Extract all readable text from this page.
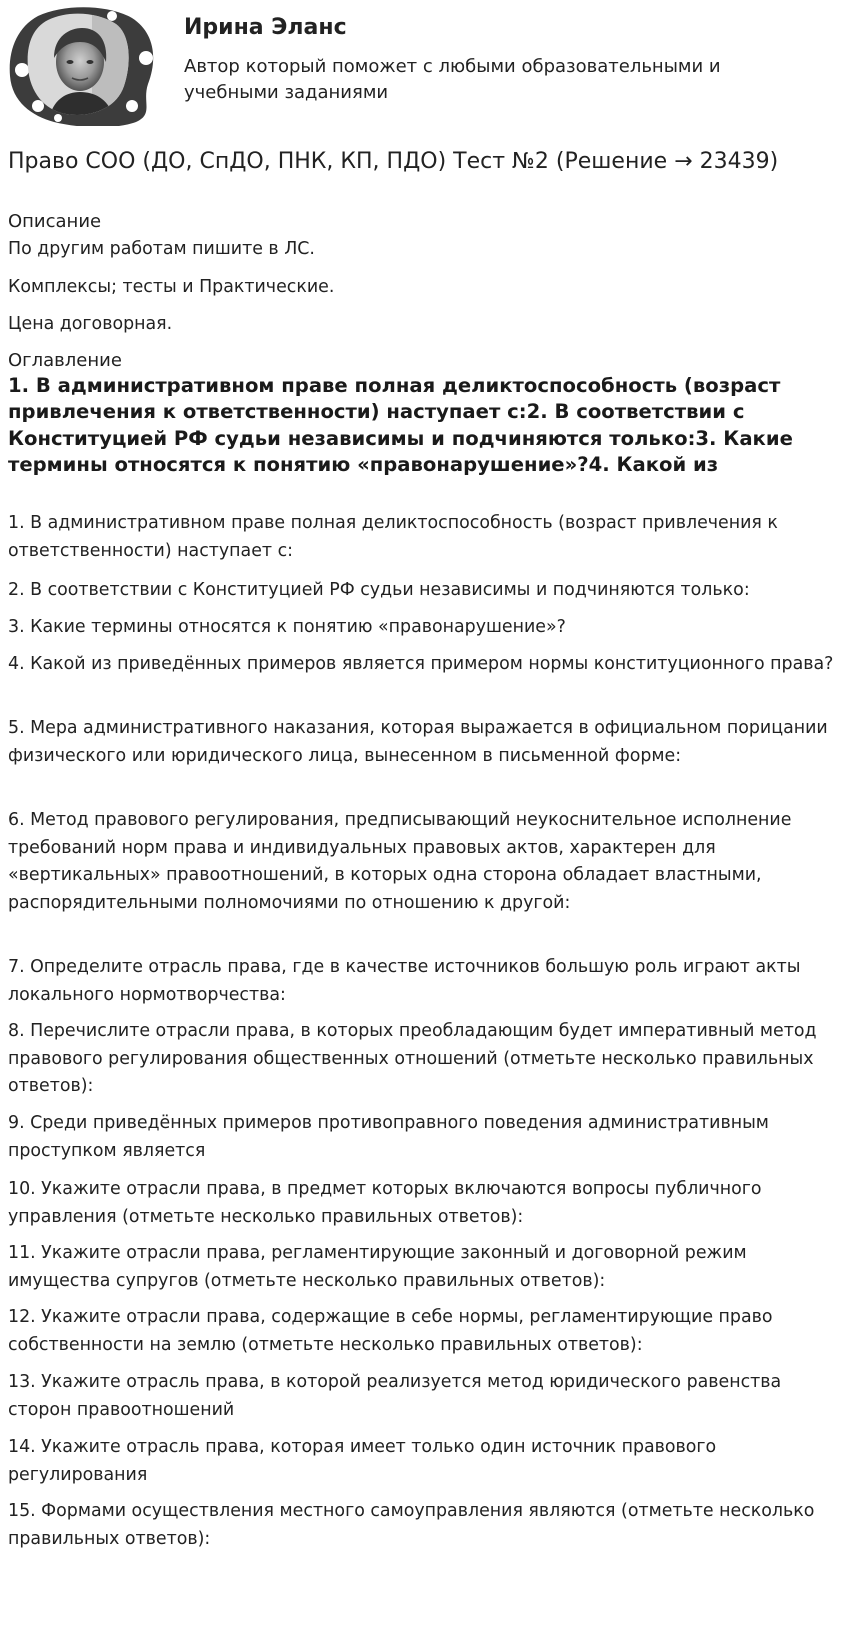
Ирина Эланс
Автор который поможет с любыми образовательными и учебными заданиями
Право СОО (ДО, СпДО, ПНК, КП, ПДО) Тест №2 (Решение → 23439)
Описание
По другим работам пишите в ЛС.
Комплексы; тесты и Практические.
Цена договорная.
Оглавление
1. В административном праве полная деликтоспособность (возраст привлечения к ответственности) наступает с:2. В соответствии с Конституцией РФ судьи независимы и подчиняются только:3. Какие термины относятся к понятию «правонарушение»?4. Какой из
1. В административном праве полная деликтоспособность (возраст привлечения к ответственности) наступает с:
2. В соответствии с Конституцией РФ судьи независимы и подчиняются только:
3. Какие термины относятся к понятию «правонарушение»?
4. Какой из приведённых примеров является примером нормы конституционного права?
5. Мера административного наказания, которая выражается в официальном порицании физического или юридического лица, вынесенном в письменной форме:
6. Метод правового регулирования, предписывающий неукоснительное исполнение требований норм права и индивидуальных правовых актов, характерен для «вертикальных» правоотношений, в которых одна сторона обладает властными, распорядительными полномочиями по отношению к другой:
7. Определите отрасль права, где в качестве источников большую роль играют акты локального нормотворчества:
8. Перечислите отрасли права, в которых преобладающим будет императивный метод правового регулирования общественных отношений (отметьте несколько правильных ответов):
9. Среди приведённых примеров противоправного поведения административным проступком является
10. Укажите отрасли права, в предмет которых включаются вопросы публичного управления (отметьте несколько правильных ответов):
11. Укажите отрасли права, регламентирующие законный и договорной режим имущества супругов (отметьте несколько правильных ответов):
12. Укажите отрасли права, содержащие в себе нормы, регламентирующие право собственности на землю (отметьте несколько правильных ответов):
13. Укажите отрасль права, в которой реализуется метод юридического равенства сторон правоотношений
14. Укажите отрасль права, которая имеет только один источник правового регулирования
15. Формами осуществления местного самоуправления являются (отметьте несколько правильных ответов):
